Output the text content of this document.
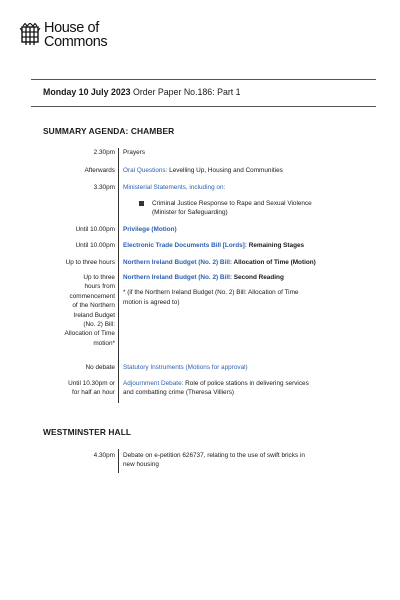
House of
Commons
Monday 10 July 2023 Order Paper No.186: Part 1
SUMMARY AGENDA: CHAMBER
2.30pm Prayers
Afterwards Oral Questions: Levelling Up, Housing and Communities
3.30pm Ministerial Statements, including on:
Criminal Justice Response to Rape and Sexual Violence
(Minister for Safeguarding)
Until 10.00pm Privilege (Motion)
Until 10.00pm Electronic Trade Documents Bill [Lords]: Remaining Stages
Up to three hours Northern Ireland Budget (No. 2) Bill: Allocation of Time (Motion)
Up to three
hours from
commencement
of the Northern
Ireland Budget
(No. 2) Bill:
Allocation of Time
motion*
Northern Ireland Budget (No. 2) Bill: Second Reading
* (if the Northern Ireland Budget (No. 2) Bill: Allocation of Time
motion is agreed to)
No debate Statutory Instruments (Motions for approval)
Until 10.30pm or
for half an hour
Adjournment Debate: Role of police stations in delivering services
and combatting crime (Theresa Villiers)
WESTMINSTER HALL
4.30pm Debate on e-petition 626737, relating to the use of swift bricks in
new housing
